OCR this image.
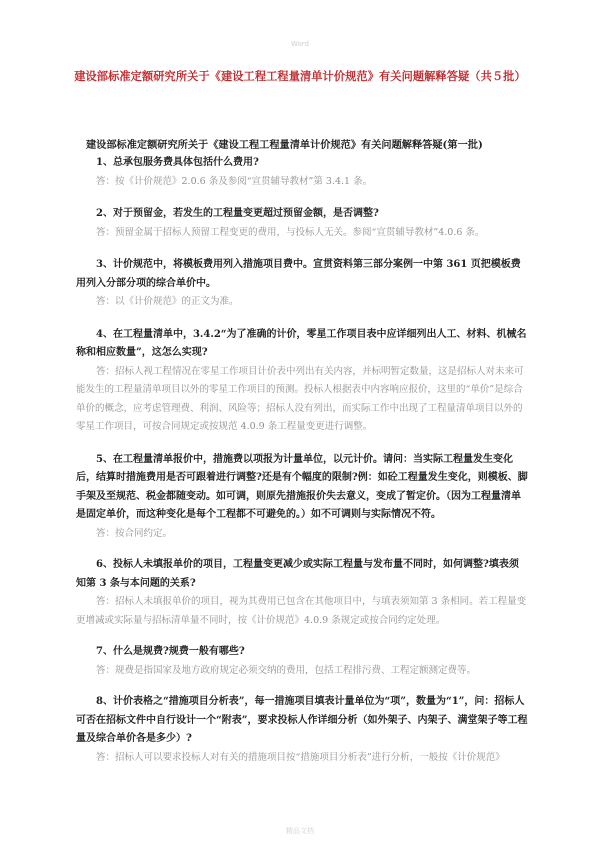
Word
建设部标准定额研究所关于《建设工程工程量清单计价规范》有关问题解释答疑（共５批）
建设部标准定额研究所关于《建设工程工程量清单计价规范》有关问题解释答疑(第一批)
1、总承包服务费具体包括什么费用?
答：按《计价规范》2.0.6 条及参阅“宣贯辅导教材”第 3.4.1 条。
2、对于预留金，若发生的工程量变更超过预留金额，是否调整?
答：预留金属于招标人预留工程变更的费用，与投标人无关。参阅“宣贯辅导教材”4.0.6 条。
3、计价规范中，将模板费用列入措施项目费中。宣贯资料第三部分案例一中第 361 页把模板费用列入分部分项的综合单价中。
答：以《计价规范》的正文为准。
4、在工程量清单中，3.4.2“为了准确的计价，零星工作项目表中应详细列出人工、材料、机械名称和相应数量”，这怎么实现?
答：招标人视工程情况在零星工作项目计价表中列出有关内容，并标明暂定数量，这是招标人对未来可能发生的工程量清单项目以外的零星工作项目的预测。投标人根据表中内容响应报价，这里的“单价”是综合单价的概念，应考虑管理费、利润、风险等；招标人没有列出，而实际工作中出现了工程量清单项目以外的零星工作项目，可按合同规定或按规范 4.0.9 条工程量变更进行调整。
5、在工程量清单报价中，措施费以项报为计量单位，以元计价。请问：当实际工程量发生变化后，结算时措施费用是否可跟着进行调整?还是有个幅度的限制?例：如砼工程量发生变化，则模板、脚手架及至规范、税金都随变动。如可调，则原先措施报价失去意义，变成了暂定价。（因为工程量清单是固定单价，而这种变化是每个工程都不可避免的。）如不可调则与实际情况不符。
答：按合同约定。
6、投标人未填报单价的项目，工程量变更减少或实际工程量与发布量不同时，如何调整?填表须知第 3 条与本问题的关系?
答：招标人未填报单价的项目，视为其费用已包含在其他项目中，与填表须知第 3 条相同。若工程量变更增减或实际量与招标清单量不同时，按《计价规范》4.0.9 条规定或按合同约定处理。
7、什么是规费?规费一般有哪些?
答：规费是指国家及地方政府规定必须交纳的费用，包括工程排污费、工程定额测定费等。
8、计价表格之“措施项目分析表”，每一措施项目填表计量单位为“项”，数量为“1”，问：招标人可否在招标文件中自行设计一个“附表”，要求投标人作详细分析（如外架子、内架子、满堂架子等工程量及综合单价各是多少）?
答：招标人可以要求投标人对有关的措施项目按“措施项目分析表”进行分析，一般按《计价规范》
精品文档
